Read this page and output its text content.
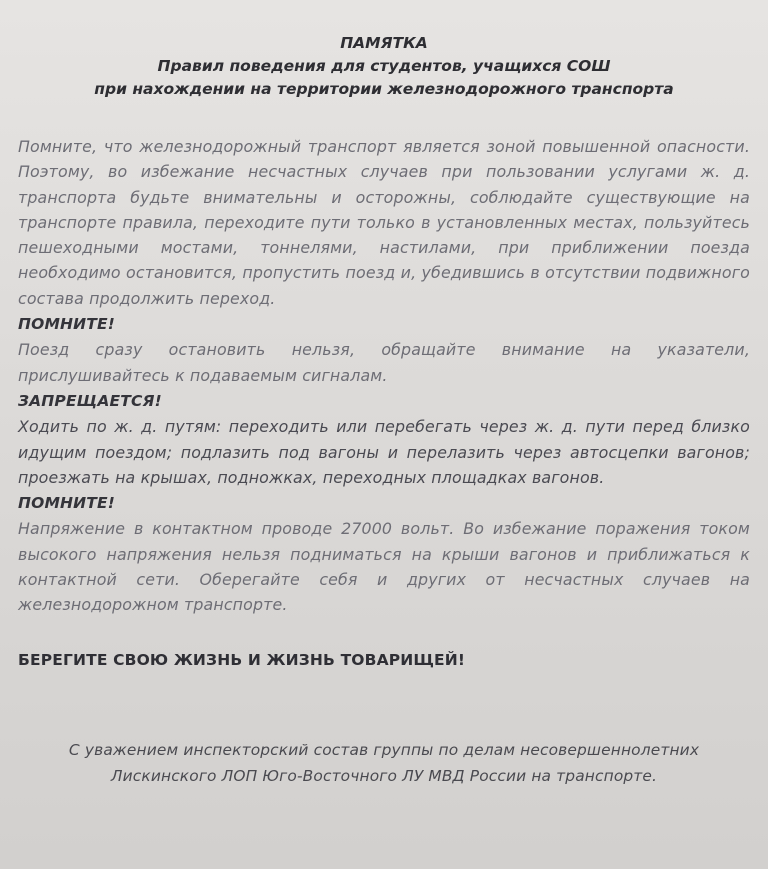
ПАМЯТКА
Правил поведения для студентов, учащихся СОШ
при нахождении на территории железнодорожного транспорта

Помните, что железнодорожный транспорт является зоной повышенной опасности. Поэтому, во избежание несчастных случаев при пользовании услугами ж. д. транспорта будьте внимательны и осторожны, соблюдайте существующие на транспорте правила, переходите пути только в установленных местах, пользуйтесь пешеходными мостами, тоннелями, настилами, при приближении поезда необходимо остановится, пропустить поезд и, убедившись в отсутствии подвижного состава продолжить переход.

ПОМНИТЕ!

Поезд сразу остановить нельзя, обращайте внимание на указатели, прислушивайтесь к подаваемым сигналам.

ЗАПРЕЩАЕТСЯ!

Ходить по ж. д. путям: переходить или перебегать через ж. д. пути перед близко идущим поездом; подлазить под вагоны и перелазить через автосцепки вагонов; проезжать на крышах, подножках, переходных площадках вагонов.

ПОМНИТЕ!

Напряжение в контактном проводе 27000 вольт. Во избежание поражения током высокого напряжения нельзя подниматься на крыши вагонов и приближаться к контактной сети. Оберегайте себя и других от несчастных случаев на железнодорожном транспорте.

БЕРЕГИТЕ СВОЮ ЖИЗНЬ И ЖИЗНЬ ТОВАРИЩЕЙ!
С уважением инспекторский состав группы по делам несовершеннолетних
Лискинского ЛОП Юго-Восточного ЛУ МВД России на транспорте.
